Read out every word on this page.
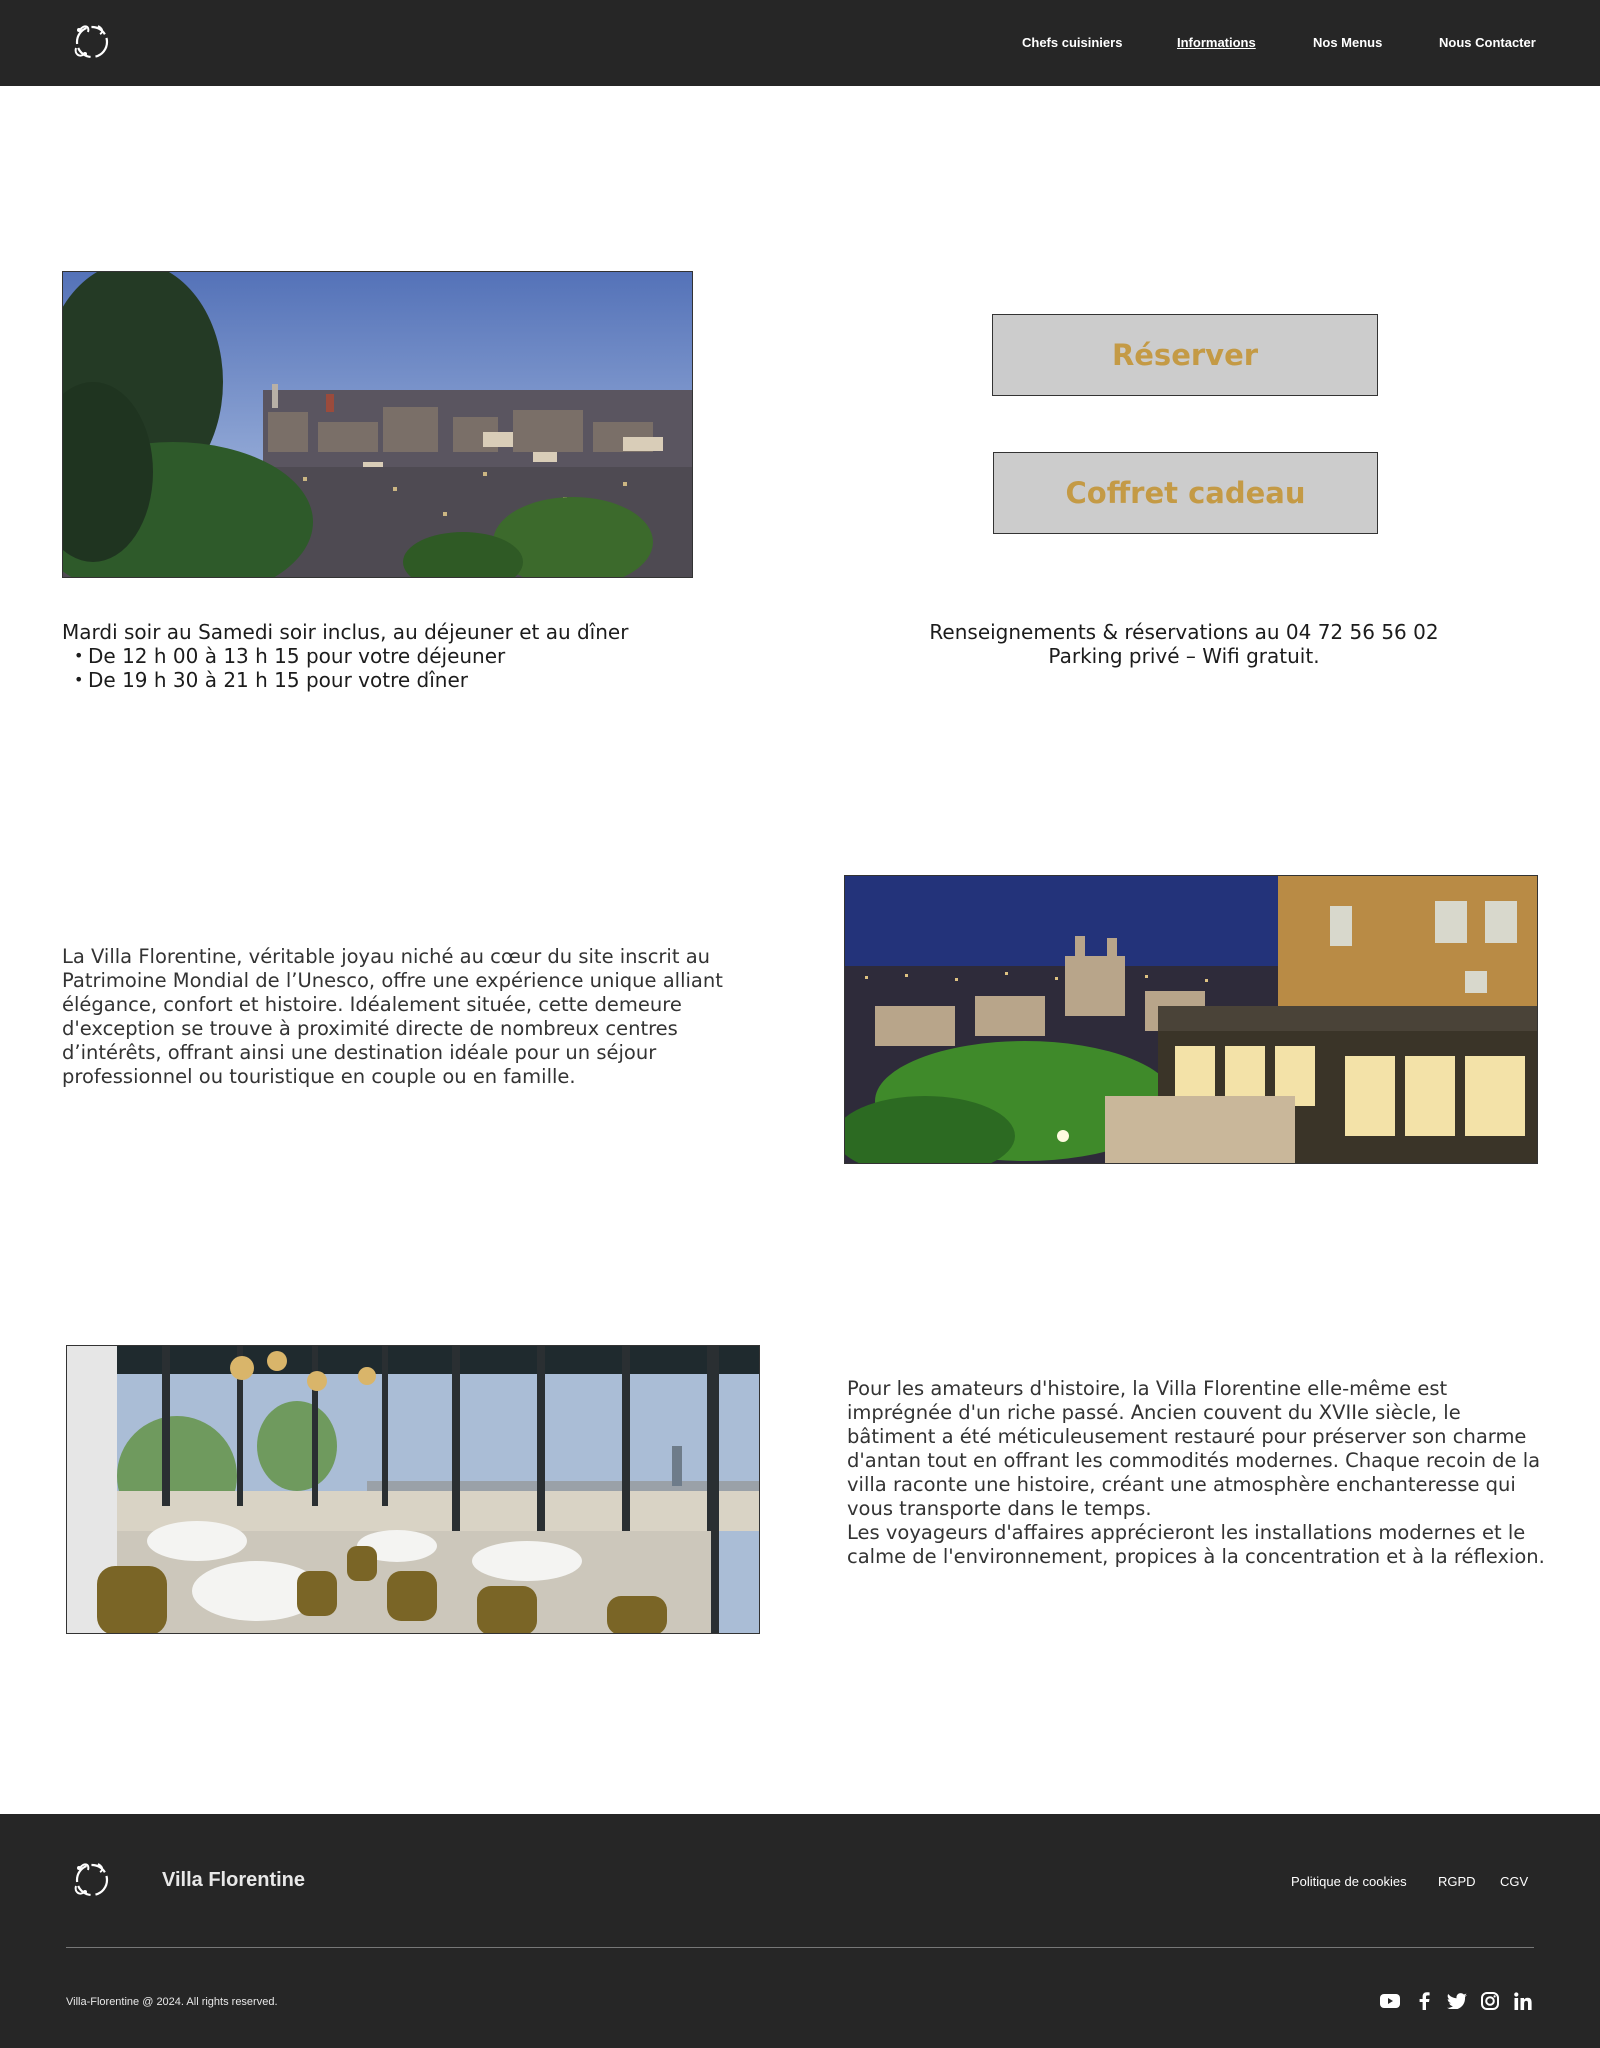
Chefs cuisiniers	Informations	Nos Menus	Nous Contacter
Réserver
Coffret cadeau
Mardi soir au Samedi soir inclus, au déjeuner et au dîner
• De 12 h 00 à 13 h 15 pour votre déjeuner
• De 19 h 30 à 21 h 15 pour votre dîner
Renseignements & réservations au 04 72 56 56 02
Parking privé – Wifi gratuit.
La Villa Florentine, véritable joyau niché au cœur du site inscrit au Patrimoine Mondial de l’Unesco, offre une expérience unique alliant élégance, confort et histoire. Idéalement située, cette demeure d'exception se trouve à proximité directe de nombreux centres d’intérêts, offrant ainsi une destination idéale pour un séjour professionnel ou touristique en couple ou en famille.
Pour les amateurs d'histoire, la Villa Florentine elle-même est imprégnée d'un riche passé. Ancien couvent du XVIIe siècle, le bâtiment a été méticuleusement restauré pour préserver son charme d'antan tout en offrant les commodités modernes. Chaque recoin de la villa raconte une histoire, créant une atmosphère enchanteresse qui vous transporte dans le temps.
Les voyageurs d'affaires apprécieront les installations modernes et le calme de l'environnement, propices à la concentration et à la réflexion.
Villa Florentine	Politique de cookies RGPD CGV
Villa-Florentine @ 2024. All rights reserved.
